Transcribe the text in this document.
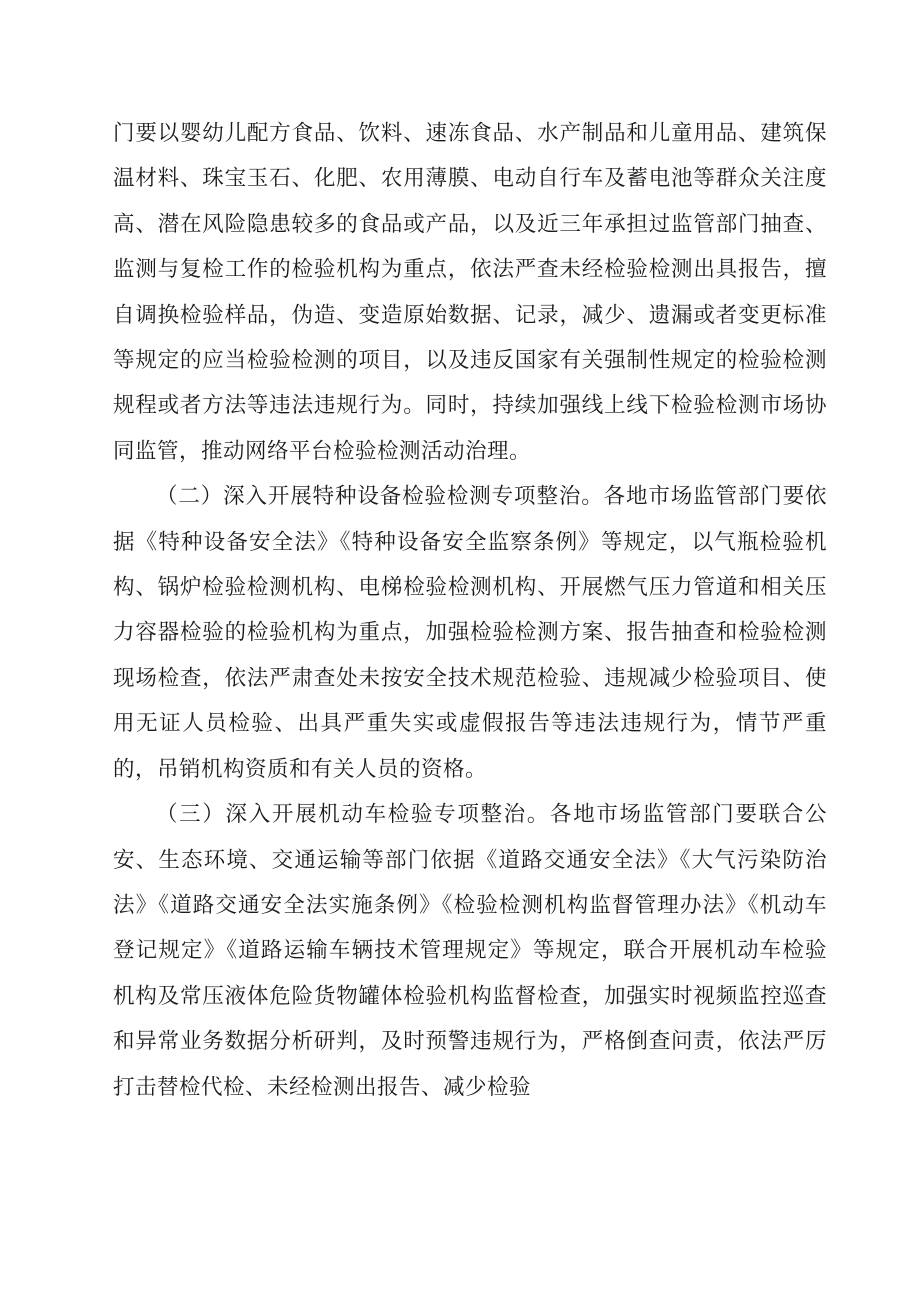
门要以婴幼儿配方食品、饮料、速冻食品、水产制品和儿童用品、建筑保温材料、珠宝玉石、化肥、农用薄膜、电动自行车及蓄电池等群众关注度高、潜在风险隐患较多的食品或产品，以及近三年承担过监管部门抽查、监测与复检工作的检验机构为重点，依法严查未经检验检测出具报告，擅自调换检验样品，伪造、变造原始数据、记录，减少、遗漏或者变更标准等规定的应当检验检测的项目，以及违反国家有关强制性规定的检验检测规程或者方法等违法违规行为。同时，持续加强线上线下检验检测市场协同监管，推动网络平台检验检测活动治理。

（二）深入开展特种设备检验检测专项整治。各地市场监管部门要依据《特种设备安全法》《特种设备安全监察条例》等规定，以气瓶检验机构、锅炉检验检测机构、电梯检验检测机构、开展燃气压力管道和相关压力容器检验的检验机构为重点，加强检验检测方案、报告抽查和检验检测现场检查，依法严肃查处未按安全技术规范检验、违规减少检验项目、使用无证人员检验、出具严重失实或虚假报告等违法违规行为，情节严重的，吊销机构资质和有关人员的资格。

（三）深入开展机动车检验专项整治。各地市场监管部门要联合公安、生态环境、交通运输等部门依据《道路交通安全法》《大气污染防治法》《道路交通安全法实施条例》《检验检测机构监督管理办法》《机动车登记规定》《道路运输车辆技术管理规定》等规定，联合开展机动车检验机构及常压液体危险货物罐体检验机构监督检查，加强实时视频监控巡查和异常业务数据分析研判，及时预警违规行为，严格倒查问责，依法严厉打击替检代检、未经检测出报告、减少检验
